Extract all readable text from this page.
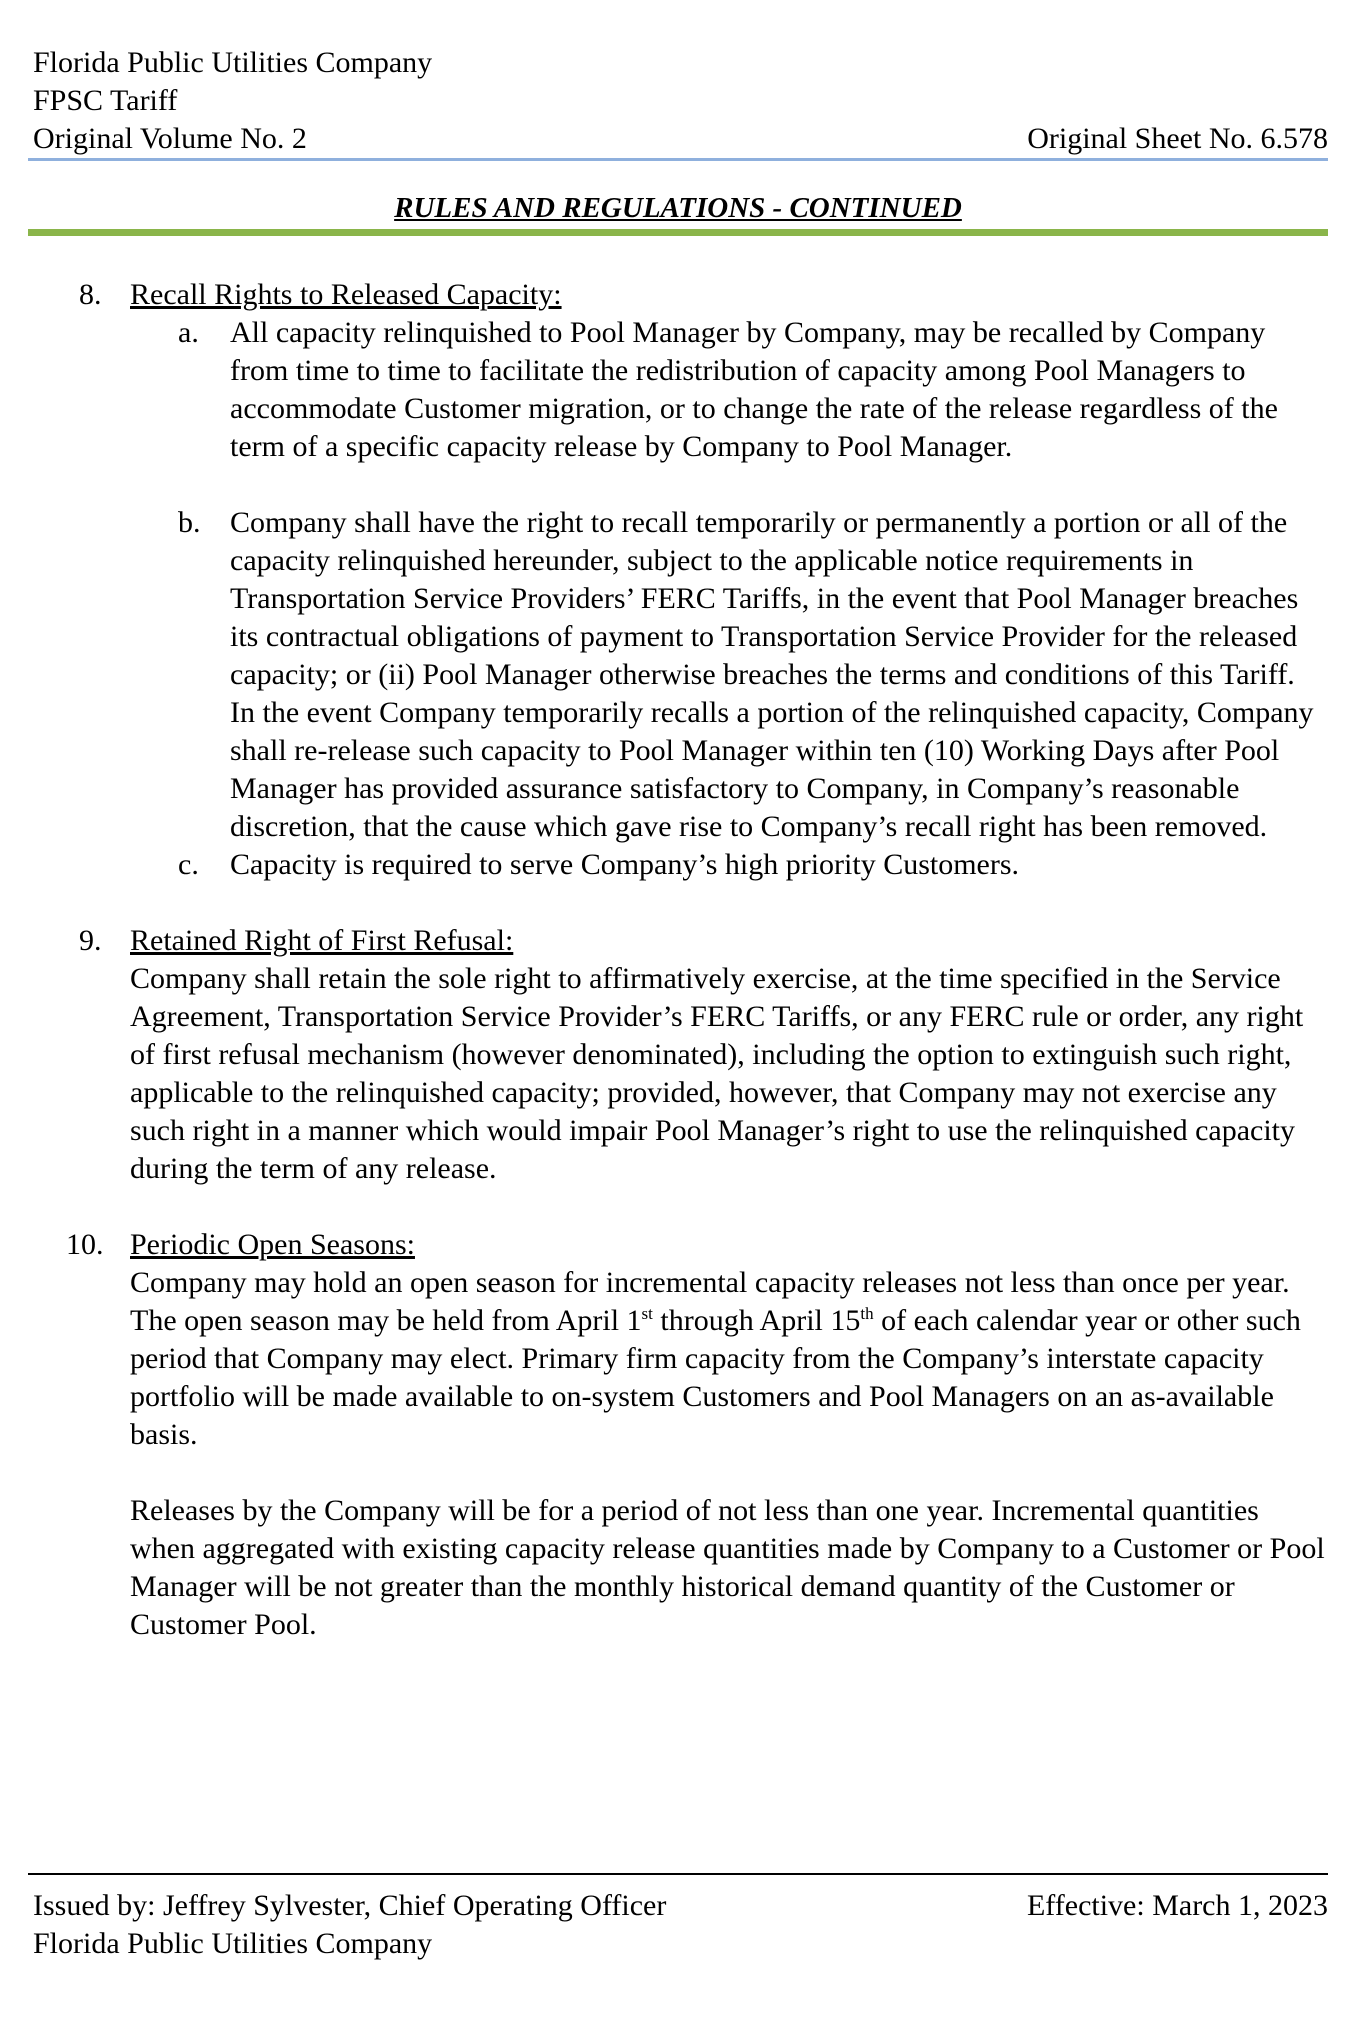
Florida Public Utilities Company
FPSC Tariff
Original Volume No. 2	Original Sheet No. 6.578
RULES AND REGULATIONS - CONTINUED
8. Recall Rights to Released Capacity:
a. All capacity relinquished to Pool Manager by Company, may be recalled by Company from time to time to facilitate the redistribution of capacity among Pool Managers to accommodate Customer migration, or to change the rate of the release regardless of the term of a specific capacity release by Company to Pool Manager.
b. Company shall have the right to recall temporarily or permanently a portion or all of the capacity relinquished hereunder, subject to the applicable notice requirements in Transportation Service Providers’ FERC Tariffs, in the event that Pool Manager breaches its contractual obligations of payment to Transportation Service Provider for the released capacity; or (ii) Pool Manager otherwise breaches the terms and conditions of this Tariff. In the event Company temporarily recalls a portion of the relinquished capacity, Company shall re-release such capacity to Pool Manager within ten (10) Working Days after Pool Manager has provided assurance satisfactory to Company, in Company’s reasonable discretion, that the cause which gave rise to Company’s recall right has been removed.
c. Capacity is required to serve Company’s high priority Customers.
9. Retained Right of First Refusal:
Company shall retain the sole right to affirmatively exercise, at the time specified in the Service Agreement, Transportation Service Provider’s FERC Tariffs, or any FERC rule or order, any right of first refusal mechanism (however denominated), including the option to extinguish such right, applicable to the relinquished capacity; provided, however, that Company may not exercise any such right in a manner which would impair Pool Manager’s right to use the relinquished capacity during the term of any release.
10. Periodic Open Seasons:
Company may hold an open season for incremental capacity releases not less than once per year. The open season may be held from April 1st through April 15th of each calendar year or other such period that Company may elect. Primary firm capacity from the Company’s interstate capacity portfolio will be made available to on-system Customers and Pool Managers on an as-available basis.
Releases by the Company will be for a period of not less than one year. Incremental quantities when aggregated with existing capacity release quantities made by Company to a Customer or Pool Manager will be not greater than the monthly historical demand quantity of the Customer or Customer Pool.
Issued by: Jeffrey Sylvester, Chief Operating Officer	Effective: March 1, 2023
Florida Public Utilities Company
